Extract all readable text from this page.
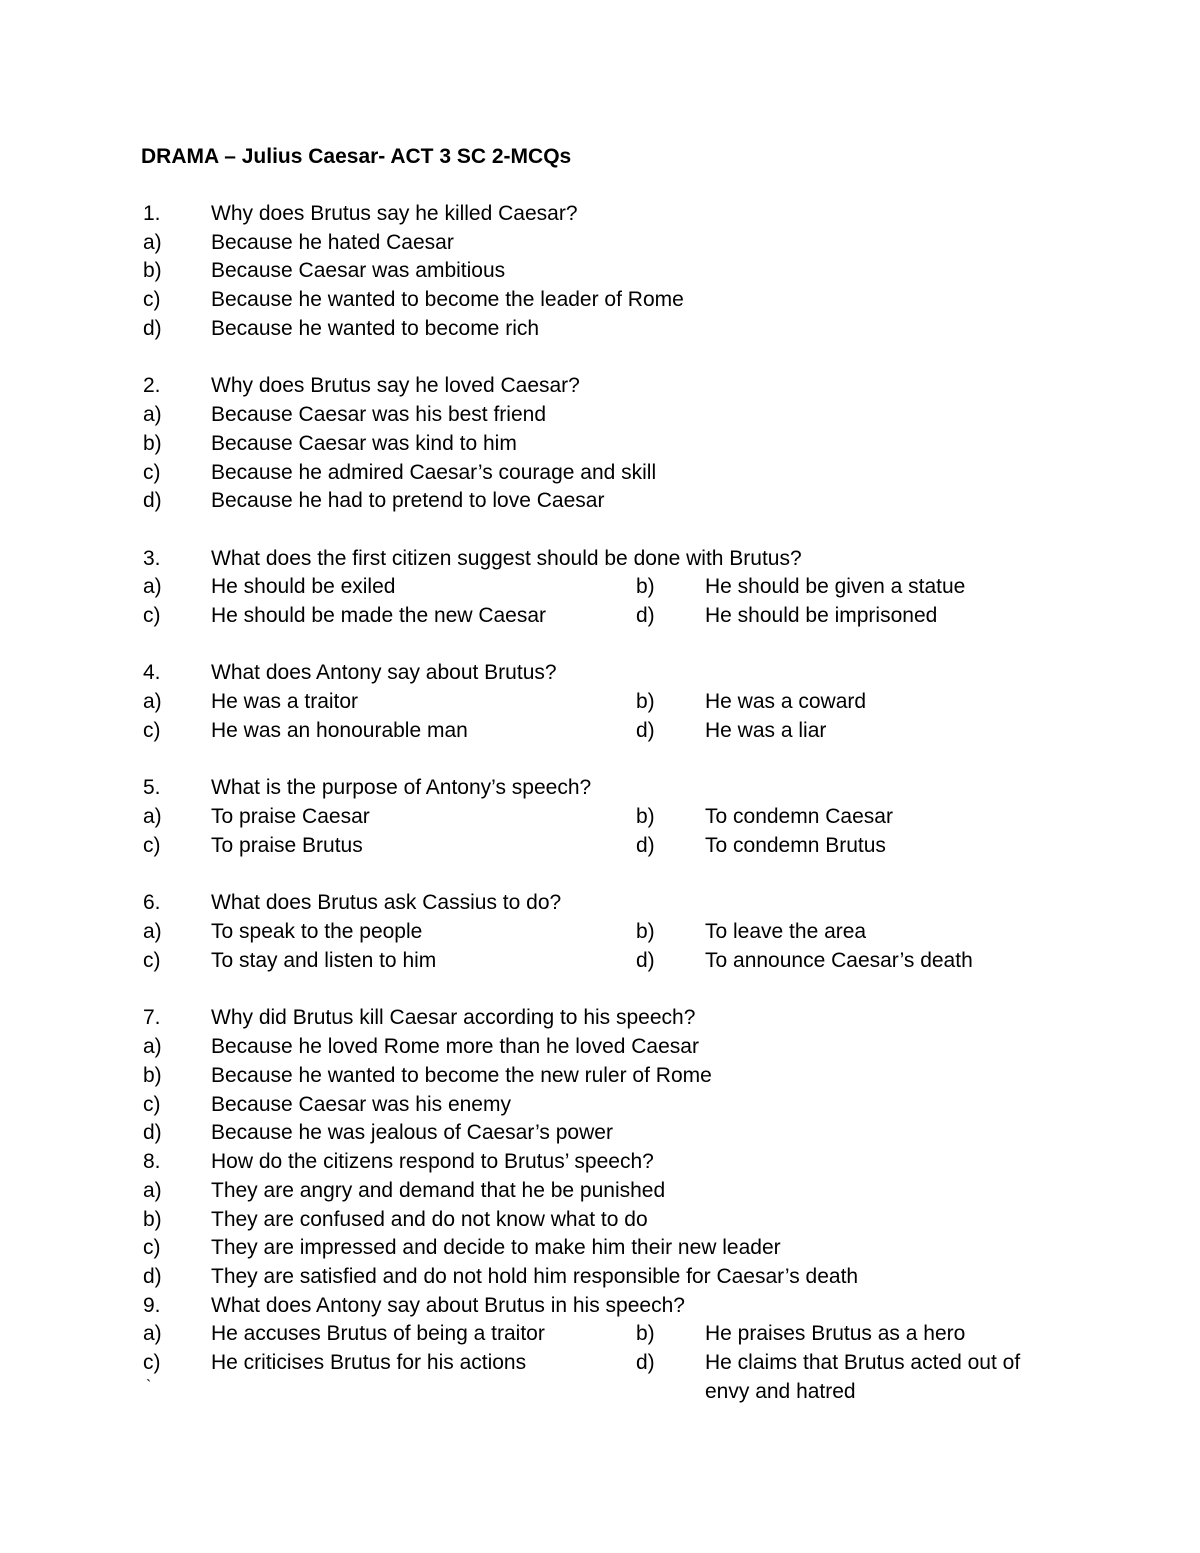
DRAMA – Julius Caesar- ACT 3 SC 2-MCQs
1. Why does Brutus say he killed Caesar?
a) Because he hated Caesar
b) Because Caesar was ambitious
c) Because he wanted to become the leader of Rome
d) Because he wanted to become rich
2. Why does Brutus say he loved Caesar?
a) Because Caesar was his best friend
b) Because Caesar was kind to him
c) Because he admired Caesar’s courage and skill
d) Because he had to pretend to love Caesar
3. What does the first citizen suggest should be done with Brutus?
a) He should be exiled	b) He should be given a statue
c) He should be made the new Caesar	d) He should be imprisoned
4. What does Antony say about Brutus?
a) He was a traitor	b) He was a coward
c) He was an honourable man	d) He was a liar
5. What is the purpose of Antony’s speech?
a) To praise Caesar	b) To condemn Caesar
c) To praise Brutus	d) To condemn Brutus
6. What does Brutus ask Cassius to do?
a) To speak to the people	b) To leave the area
c) To stay and listen to him	d) To announce Caesar’s death
7. Why did Brutus kill Caesar according to his speech?
a) Because he loved Rome more than he loved Caesar
b) Because he wanted to become the new ruler of Rome
c) Because Caesar was his enemy
d) Because he was jealous of Caesar’s power
8. How do the citizens respond to Brutus’ speech?
a) They are angry and demand that he be punished
b) They are confused and do not know what to do
c) They are impressed and decide to make him their new leader
d) They are satisfied and do not hold him responsible for Caesar’s death
9. What does Antony say about Brutus in his speech?
a) He accuses Brutus of being a traitor	b) He praises Brutus as a hero
c) He criticises Brutus for his actions	d) He claims that Brutus acted out of
envy and hatred
`
